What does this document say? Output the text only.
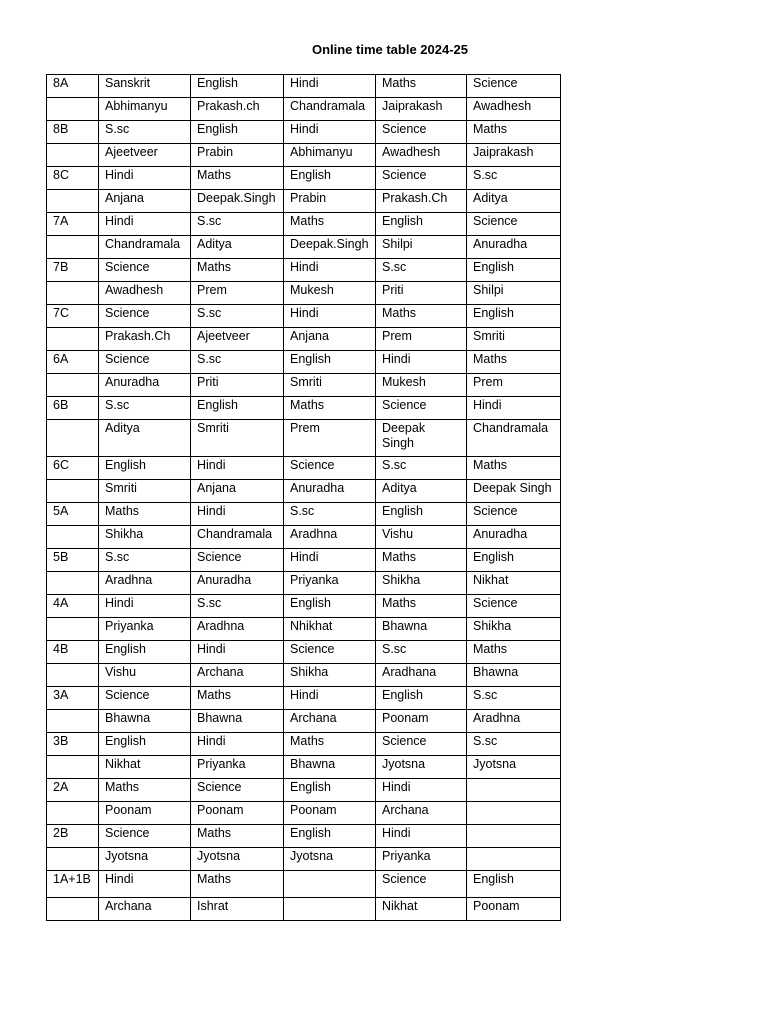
Online time table 2024-25
8A	Sanskrit	English	Hindi	Maths	Science
	Abhimanyu	Prakash.ch	Chandramala	Jaiprakash	Awadhesh
8B	S.sc	English	Hindi	Science	Maths
	Ajeetveer	Prabin	Abhimanyu	Awadhesh	Jaiprakash
8C	Hindi	Maths	English	Science	S.sc
	Anjana	Deepak.Singh	Prabin	Prakash.Ch	Aditya
7A	Hindi	S.sc	Maths	English	Science
	Chandramala	Aditya	Deepak.Singh	Shilpi	Anuradha
7B	Science	Maths	Hindi	S.sc	English
	Awadhesh	Prem	Mukesh	Priti	Shilpi
7C	Science	S.sc	Hindi	Maths	English
	Prakash.Ch	Ajeetveer	Anjana	Prem	Smriti
6A	Science	S.sc	English	Hindi	Maths
	Anuradha	Priti	Smriti	Mukesh	Prem
6B	S.sc	English	Maths	Science	Hindi
	Aditya	Smriti	Prem	Deepak Singh	Chandramala
6C	English	Hindi	Science	S.sc	Maths
	Smriti	Anjana	Anuradha	Aditya	Deepak Singh
5A	Maths	Hindi	S.sc	English	Science
	Shikha	Chandramala	Aradhna	Vishu	Anuradha
5B	S.sc	Science	Hindi	Maths	English
	Aradhna	Anuradha	Priyanka	Shikha	Nikhat
4A	Hindi	S.sc	English	Maths	Science
	Priyanka	Aradhna	Nhikhat	Bhawna	Shikha
4B	English	Hindi	Science	S.sc	Maths
	Vishu	Archana	Shikha	Aradhana	Bhawna
3A	Science	Maths	Hindi	English	S.sc
	Bhawna	Bhawna	Archana	Poonam	Aradhna
3B	English	Hindi	Maths	Science	S.sc
	Nikhat	Priyanka	Bhawna	Jyotsna	Jyotsna
2A	Maths	Science	English	Hindi	
	Poonam	Poonam	Poonam	Archana	
2B	Science	Maths	English	Hindi	
	Jyotsna	Jyotsna	Jyotsna	Priyanka	
1A+1B	Hindi	Maths		Science	English
	Archana	Ishrat		Nikhat	Poonam
